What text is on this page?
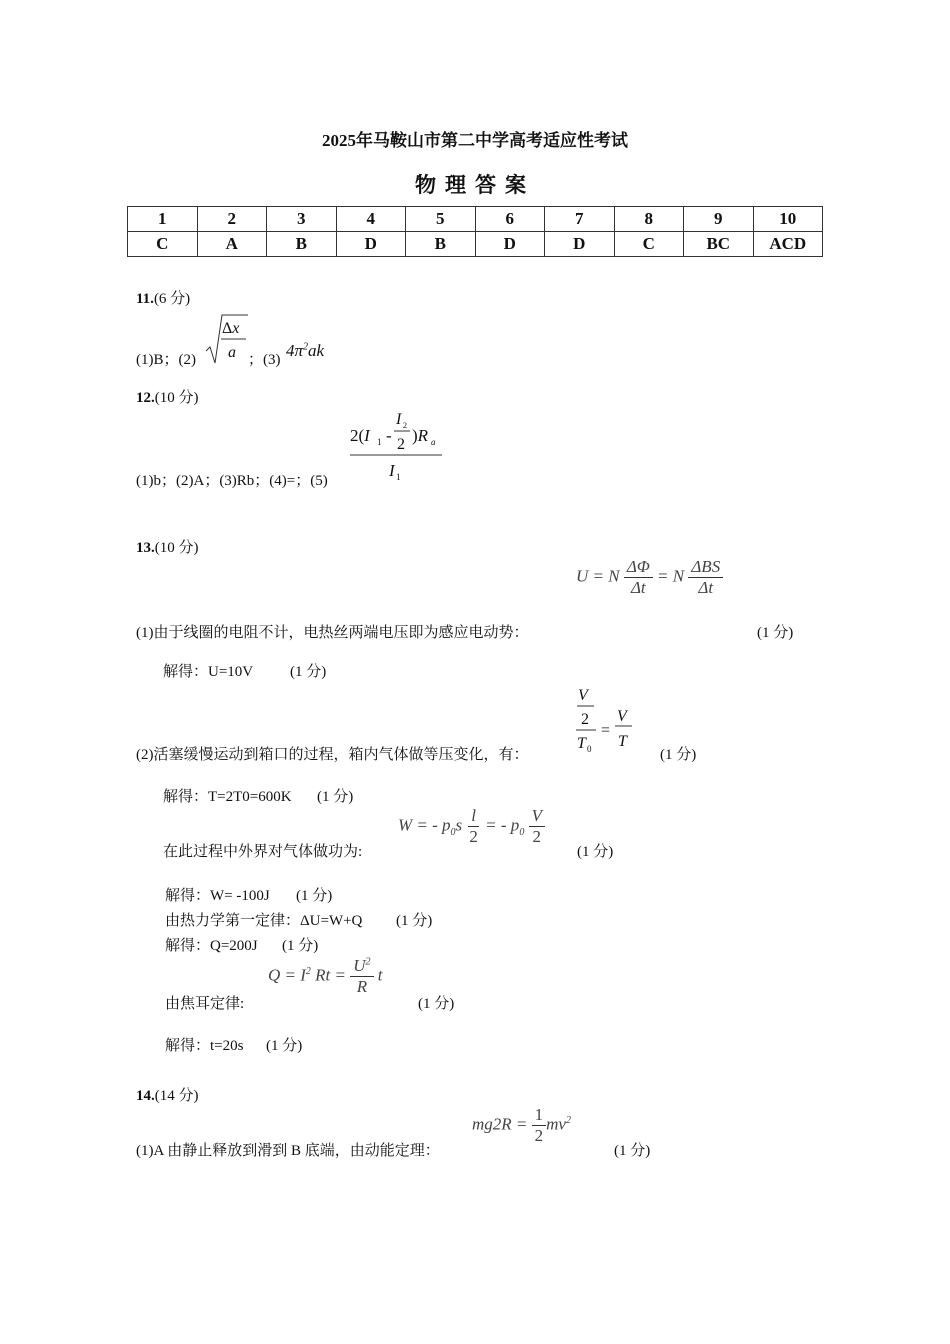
2025年马鞍山市第二中学高考适应性考试
物理答案
1	2	3	4	5	6	7	8	9	10
C	A	B	D	B	D	D	C	BC	ACD
11.(6 分)
(1)B；(2)
Δx
a ；(3) $4\pi^2ak$
12.(10 分)
(1)b；(2)A；(3)Rb；(4)=；(5)
2(I 1 -
I 2
2 )R a
I 1
13.(10 分)
U = N $\frac{\Delta\Phi}{\Delta t} = N \frac{\text{ΔBS}}{\Delta t}$
(1)由于线圈的电阻不计，电热丝两端电压即为感应电动势：	(1 分)
解得：U=10V (1 分)
(2)活塞缓慢运动到箱口的过程，箱内气体做等压变化，有：
V
2
T 0
=
V
T
(1 分)
解得：T=2T0=600K (1 分)
在此过程中外界对气体做功为:
W = - $p_0s \frac{l}{2}$ = - $p_0 \frac{V}{2}$
(1 分)
解得：W= -100J (1 分)
由热力学第一定律：ΔU=W+Q (1 分)
解得：Q=200J (1 分)
由焦耳定律:
$Q = I^2$ $Rt = \frac{U^2}{R}$ t
(1 分)
解得：t=20s (1 分)
14.(14 分)
(1)A 由静止释放到滑到 B 底端，由动能定理：
$mg2R = \frac{1}{2} mv^2$
(1 分)
